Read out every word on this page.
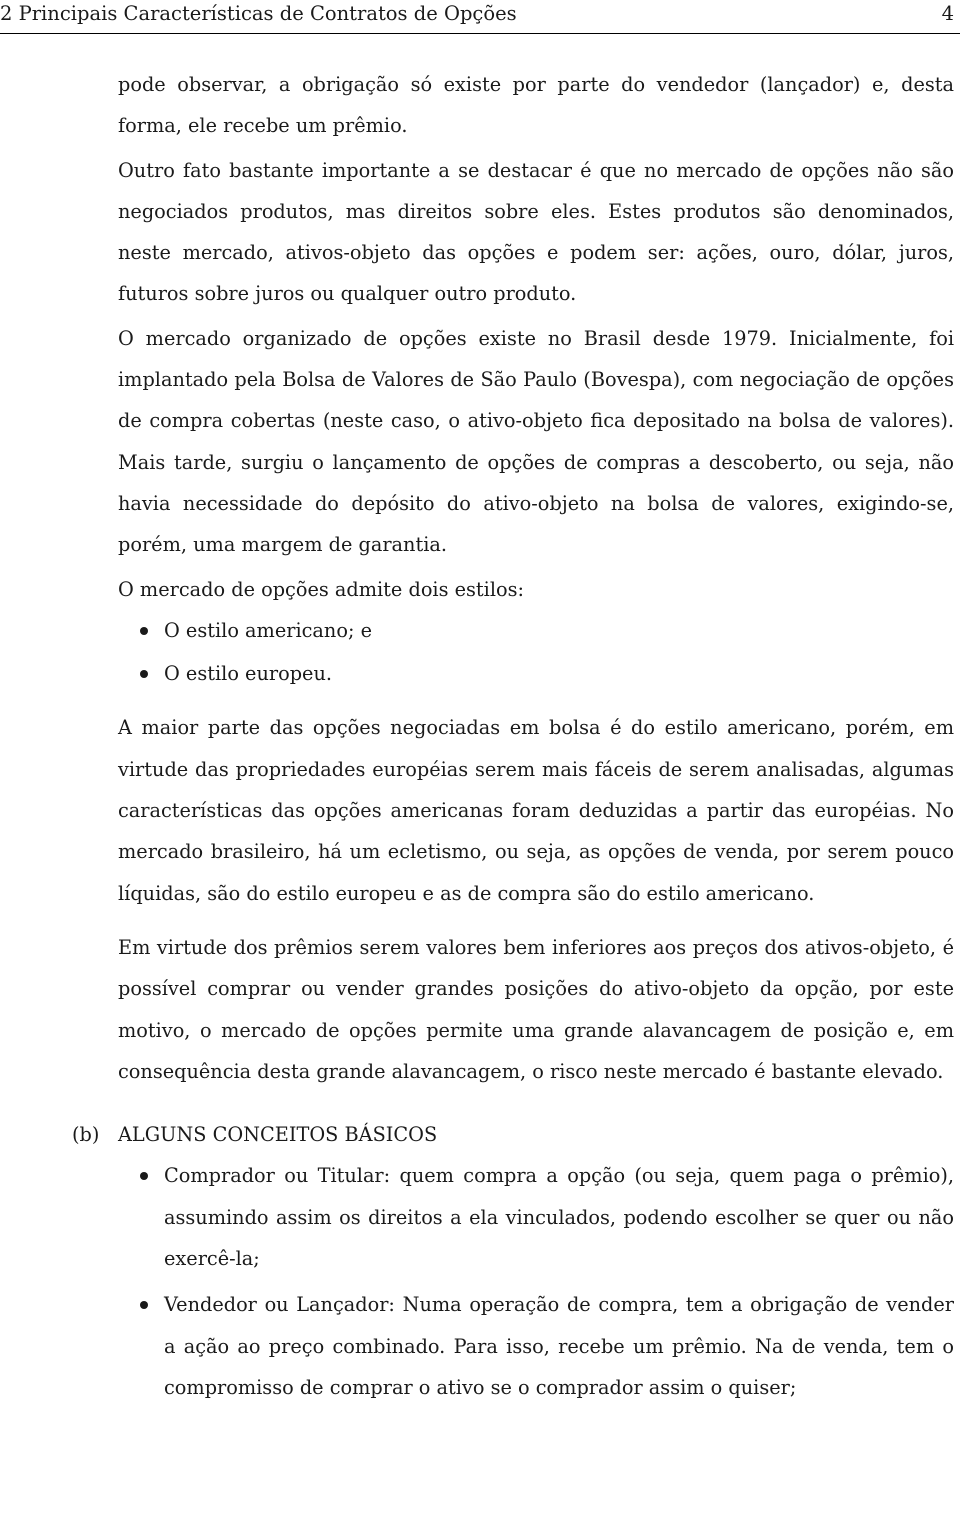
2 Principais Características de Contratos de Opções	4

pode observar, a obrigação só existe por parte do vendedor (lançador) e, desta forma, ele recebe um prêmio.

Outro fato bastante importante a se destacar é que no mercado de opções não são negociados produtos, mas direitos sobre eles. Estes produtos são denominados, neste mercado, ativos-objeto das opções e podem ser: ações, ouro, dólar, juros, futuros sobre juros ou qualquer outro produto.

O mercado organizado de opções existe no Brasil desde 1979. Inicialmente, foi implantado pela Bolsa de Valores de São Paulo (Bovespa), com negociação de opções de compra cobertas (neste caso, o ativo-objeto fica depositado na bolsa de valores). Mais tarde, surgiu o lançamento de opções de compras a descoberto, ou seja, não havia necessidade do depósito do ativo-objeto na bolsa de valores, exigindo-se, porém, uma margem de garantia.

O mercado de opções admite dois estilos:

O estilo americano; e
O estilo europeu.

A maior parte das opções negociadas em bolsa é do estilo americano, porém, em virtude das propriedades européias serem mais fáceis de serem analisadas, algumas características das opções americanas foram deduzidas a partir das européias. No mercado brasileiro, há um ecletismo, ou seja, as opções de venda, por serem pouco líquidas, são do estilo europeu e as de compra são do estilo americano.

Em virtude dos prêmios serem valores bem inferiores aos preços dos ativos-objeto, é possível comprar ou vender grandes posições do ativo-objeto da opção, por este motivo, o mercado de opções permite uma grande alavancagem de posição e, em consequência desta grande alavancagem, o risco neste mercado é bastante elevado.

(b) ALGUNS CONCEITOS BÁSICOS
Comprador ou Titular: quem compra a opção (ou seja, quem paga o prêmio), assumindo assim os direitos a ela vinculados, podendo escolher se quer ou não exercê-la;
Vendedor ou Lançador: Numa operação de compra, tem a obrigação de vender a ação ao preço combinado. Para isso, recebe um prêmio. Na de venda, tem o compromisso de comprar o ativo se o comprador assim o quiser;
